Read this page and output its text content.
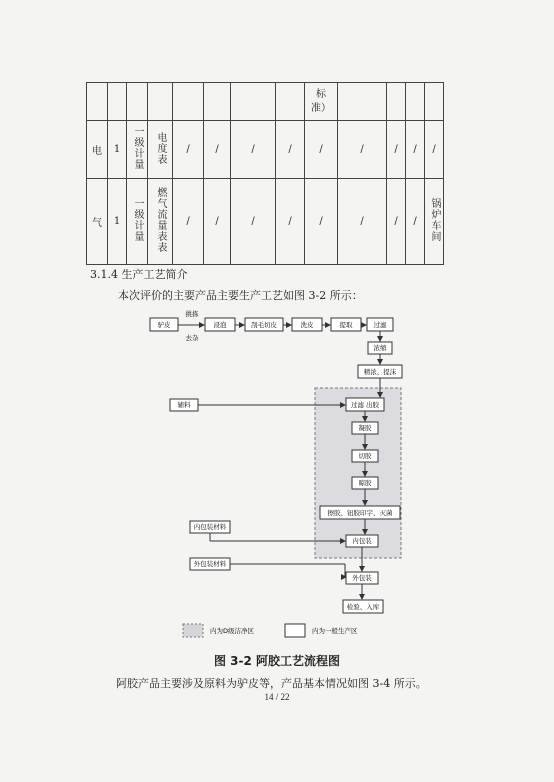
								标准）				
电	1	一级计量	电度表	/	/	/	/	/	/	/	/	/
气	1	一级计量	燃气流量表表	/	/	/	/	/	/	/	/	锅炉车间
3.1.4 生产工艺简介
本次评价的主要产品主要生产工艺如图 3-2 所示：
驴皮
挑拣
去杂
浸泡	刮毛切皮	洗皮	提取	过滤
浓缩
精浓、提沫
辅料	过滤 出胶
凝胶
切胶
晾胶
擦胶、钮胶印字、灭菌
内包装材料
内包装
外包装材料
外包装
检验、入库
内为D级洁净区	内为一般生产区
图 3-2 阿胶工艺流程图
阿胶产品主要涉及原料为驴皮等，产品基本情况如图 3-4 所示。
14 / 22
